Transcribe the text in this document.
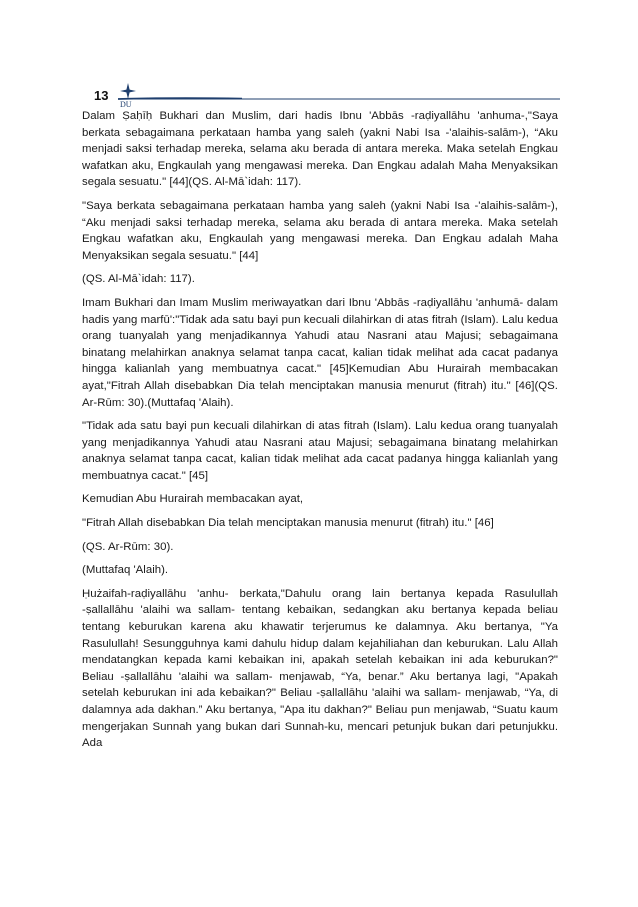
DU
13

Dalam Ṣaḥīḥ Bukhari dan Muslim, dari hadis Ibnu 'Abbās -raḍiyallāhu 'anhuma-,"Saya berkata sebagaimana perkataan hamba yang saleh (yakni Nabi Isa -'alaihis-salām-), “Aku menjadi saksi terhadap mereka, selama aku berada di antara mereka. Maka setelah Engkau wafatkan aku, Engkaulah yang mengawasi mereka. Dan Engkau adalah Maha Menyaksikan segala sesuatu." [44](QS. Al-Mā`idah: 117).

"Saya berkata sebagaimana perkataan hamba yang saleh (yakni Nabi Isa -'alaihis-salām-), “Aku menjadi saksi terhadap mereka, selama aku berada di antara mereka. Maka setelah Engkau wafatkan aku, Engkaulah yang mengawasi mereka. Dan Engkau adalah Maha Menyaksikan segala sesuatu." [44]

(QS. Al-Mā`idah: 117).

Imam Bukhari dan Imam Muslim meriwayatkan dari Ibnu 'Abbās -raḍiyallāhu 'anhumā- dalam hadis yang marfū':"Tidak ada satu bayi pun kecuali dilahirkan di atas fitrah (Islam). Lalu kedua orang tuanyalah yang menjadikannya Yahudi atau Nasrani atau Majusi; sebagaimana binatang melahirkan anaknya selamat tanpa cacat, kalian tidak melihat ada cacat padanya hingga kalianlah yang membuatnya cacat." [45]Kemudian Abu Hurairah membacakan ayat,"Fitrah Allah disebabkan Dia telah menciptakan manusia menurut (fitrah) itu." [46](QS. Ar-Rūm: 30).(Muttafaq 'Alaih).

"Tidak ada satu bayi pun kecuali dilahirkan di atas fitrah (Islam). Lalu kedua orang tuanyalah yang menjadikannya Yahudi atau Nasrani atau Majusi; sebagaimana binatang melahirkan anaknya selamat tanpa cacat, kalian tidak melihat ada cacat padanya hingga kalianlah yang membuatnya cacat." [45]

Kemudian Abu Hurairah membacakan ayat,

"Fitrah Allah disebabkan Dia telah menciptakan manusia menurut (fitrah) itu." [46]

(QS. Ar-Rūm: 30).

(Muttafaq 'Alaih).

Ḥużaifah-raḍiyallāhu 'anhu- berkata,"Dahulu orang lain bertanya kepada Rasulullah -ṣallallāhu 'alaihi wa sallam- tentang kebaikan, sedangkan aku bertanya kepada beliau tentang keburukan karena aku khawatir terjerumus ke dalamnya. Aku bertanya, "Ya Rasulullah! Sesungguhnya kami dahulu hidup dalam kejahiliahan dan keburukan. Lalu Allah mendatangkan kepada kami kebaikan ini, apakah setelah kebaikan ini ada keburukan?" Beliau -ṣallallāhu 'alaihi wa sallam- menjawab, “Ya, benar.” Aku bertanya lagi, "Apakah setelah keburukan ini ada kebaikan?" Beliau -ṣallallāhu 'alaihi wa sallam- menjawab, “Ya, di dalamnya ada dakhan.” Aku bertanya, "Apa itu dakhan?" Beliau pun menjawab, “Suatu kaum mengerjakan Sunnah yang bukan dari Sunnah-ku, mencari petunjuk bukan dari petunjukku. Ada
